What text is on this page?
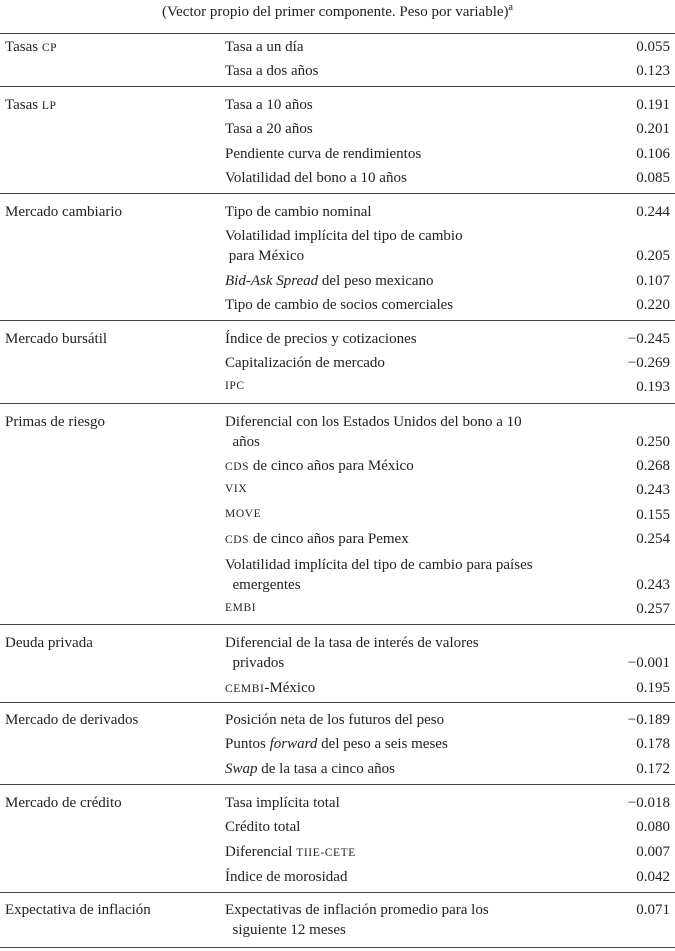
(Vector propio del primer componente. Peso por variable)$^a$
Tasas CP	Tasa a un día	0.055
Tasa a dos años	0.123
Tasas LP	Tasa a 10 años	0.191
Tasa a 20 años	0.201
Pendiente curva de rendimientos	0.106
Volatilidad del bono a 10 años	0.085
Mercado cambiario	Tipo de cambio nominal	0.244
Volatilidad implícita del tipo de cambio
para México	0.205
Bid-Ask Spread del peso mexicano	0.107
Tipo de cambio de socios comerciales	0.220
Mercado bursátil	Índice de precios y cotizaciones	−0.245
Capitalización de mercado	−0.269
IPC	0.193
Primas de riesgo	Diferencial con los Estados Unidos del bono a 10
años	0.250
CDS de cinco años para México	0.268
VIX	0.243
MOVE	0.155
CDS de cinco años para Pemex	0.254
Volatilidad implícita del tipo de cambio para países
emergentes	0.243
EMBI	0.257
Deuda privada	Diferencial de la tasa de interés de valores
privados	−0.001
CEMBI-México	0.195
Mercado de derivados	Posición neta de los futuros del peso	−0.189
Puntos forward del peso a seis meses	0.178
Swap de la tasa a cinco años	0.172
Mercado de crédito	Tasa implícita total	−0.018
Crédito total	0.080
Diferencial TIIE-CETE	0.007
Índice de morosidad	0.042
Expectativa de inflación	Expectativas de inflación promedio para los
siguiente 12 meses
0.071
